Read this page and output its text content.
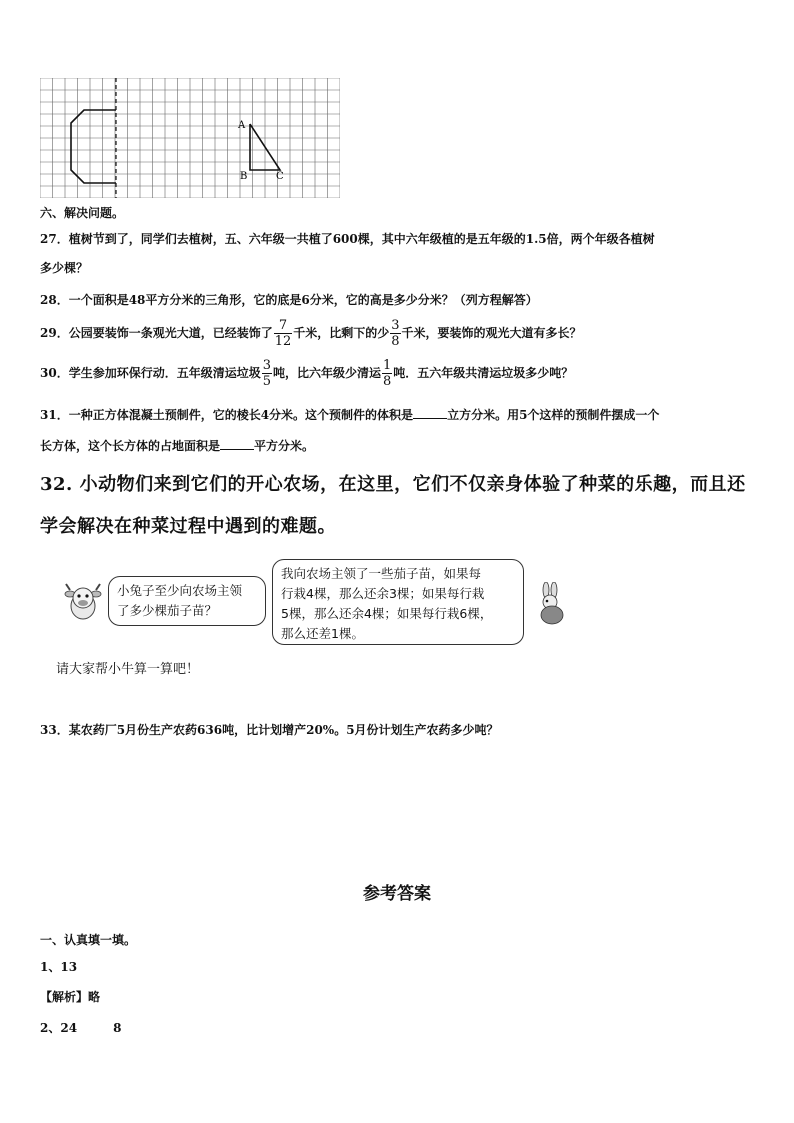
A
B	C
六、解决问题。
27．植树节到了，同学们去植树，五、六年级一共植了600棵，其中六年级植的是五年级的1.5倍，两个年级各植树
多少棵？
28．一个面积是48平方分米的三角形，它的底是6分米，它的高是多少分米？（列方程解答）
29．公园要装饰一条观光大道，已经装饰了 $\frac{7}{12}$ 千米，比剩下的少 $\frac{3}{8}$ 千米，要装饰的观光大道有多长？
30．学生参加环保行动．五年级清运垃圾 $\frac{3}{5}$ 吨，比六年级少清运 $\frac{1}{8}$ 吨．五六年级共清运垃圾多少吨？
31．一种正方体混凝土预制件，它的棱长4分米。这个预制件的体积是	立方分米。用5个这样的预制件摆成一个
长方体，这个长方体的占地面积是	平方分米。
32. 小动物们来到它们的开心农场，在这里，它们不仅亲身体验了种菜的乐趣，而且还
学会解决在种菜过程中遇到的难题。
小兔子至少向农场主领
了多少棵茄子苗？
我向农场主领了一些茄子苗，如果每
行栽4棵，那么还余3棵；如果每行栽
5棵，那么还余4棵；如果每行栽6棵，
那么还差1棵。
请大家帮小牛算一算吧！
33．某农药厂5月份生产农药636吨，比计划增产20%。5月份计划生产农药多少吨？
参考答案
一、认真填一填。
1、13
【解析】略
2、24	8
